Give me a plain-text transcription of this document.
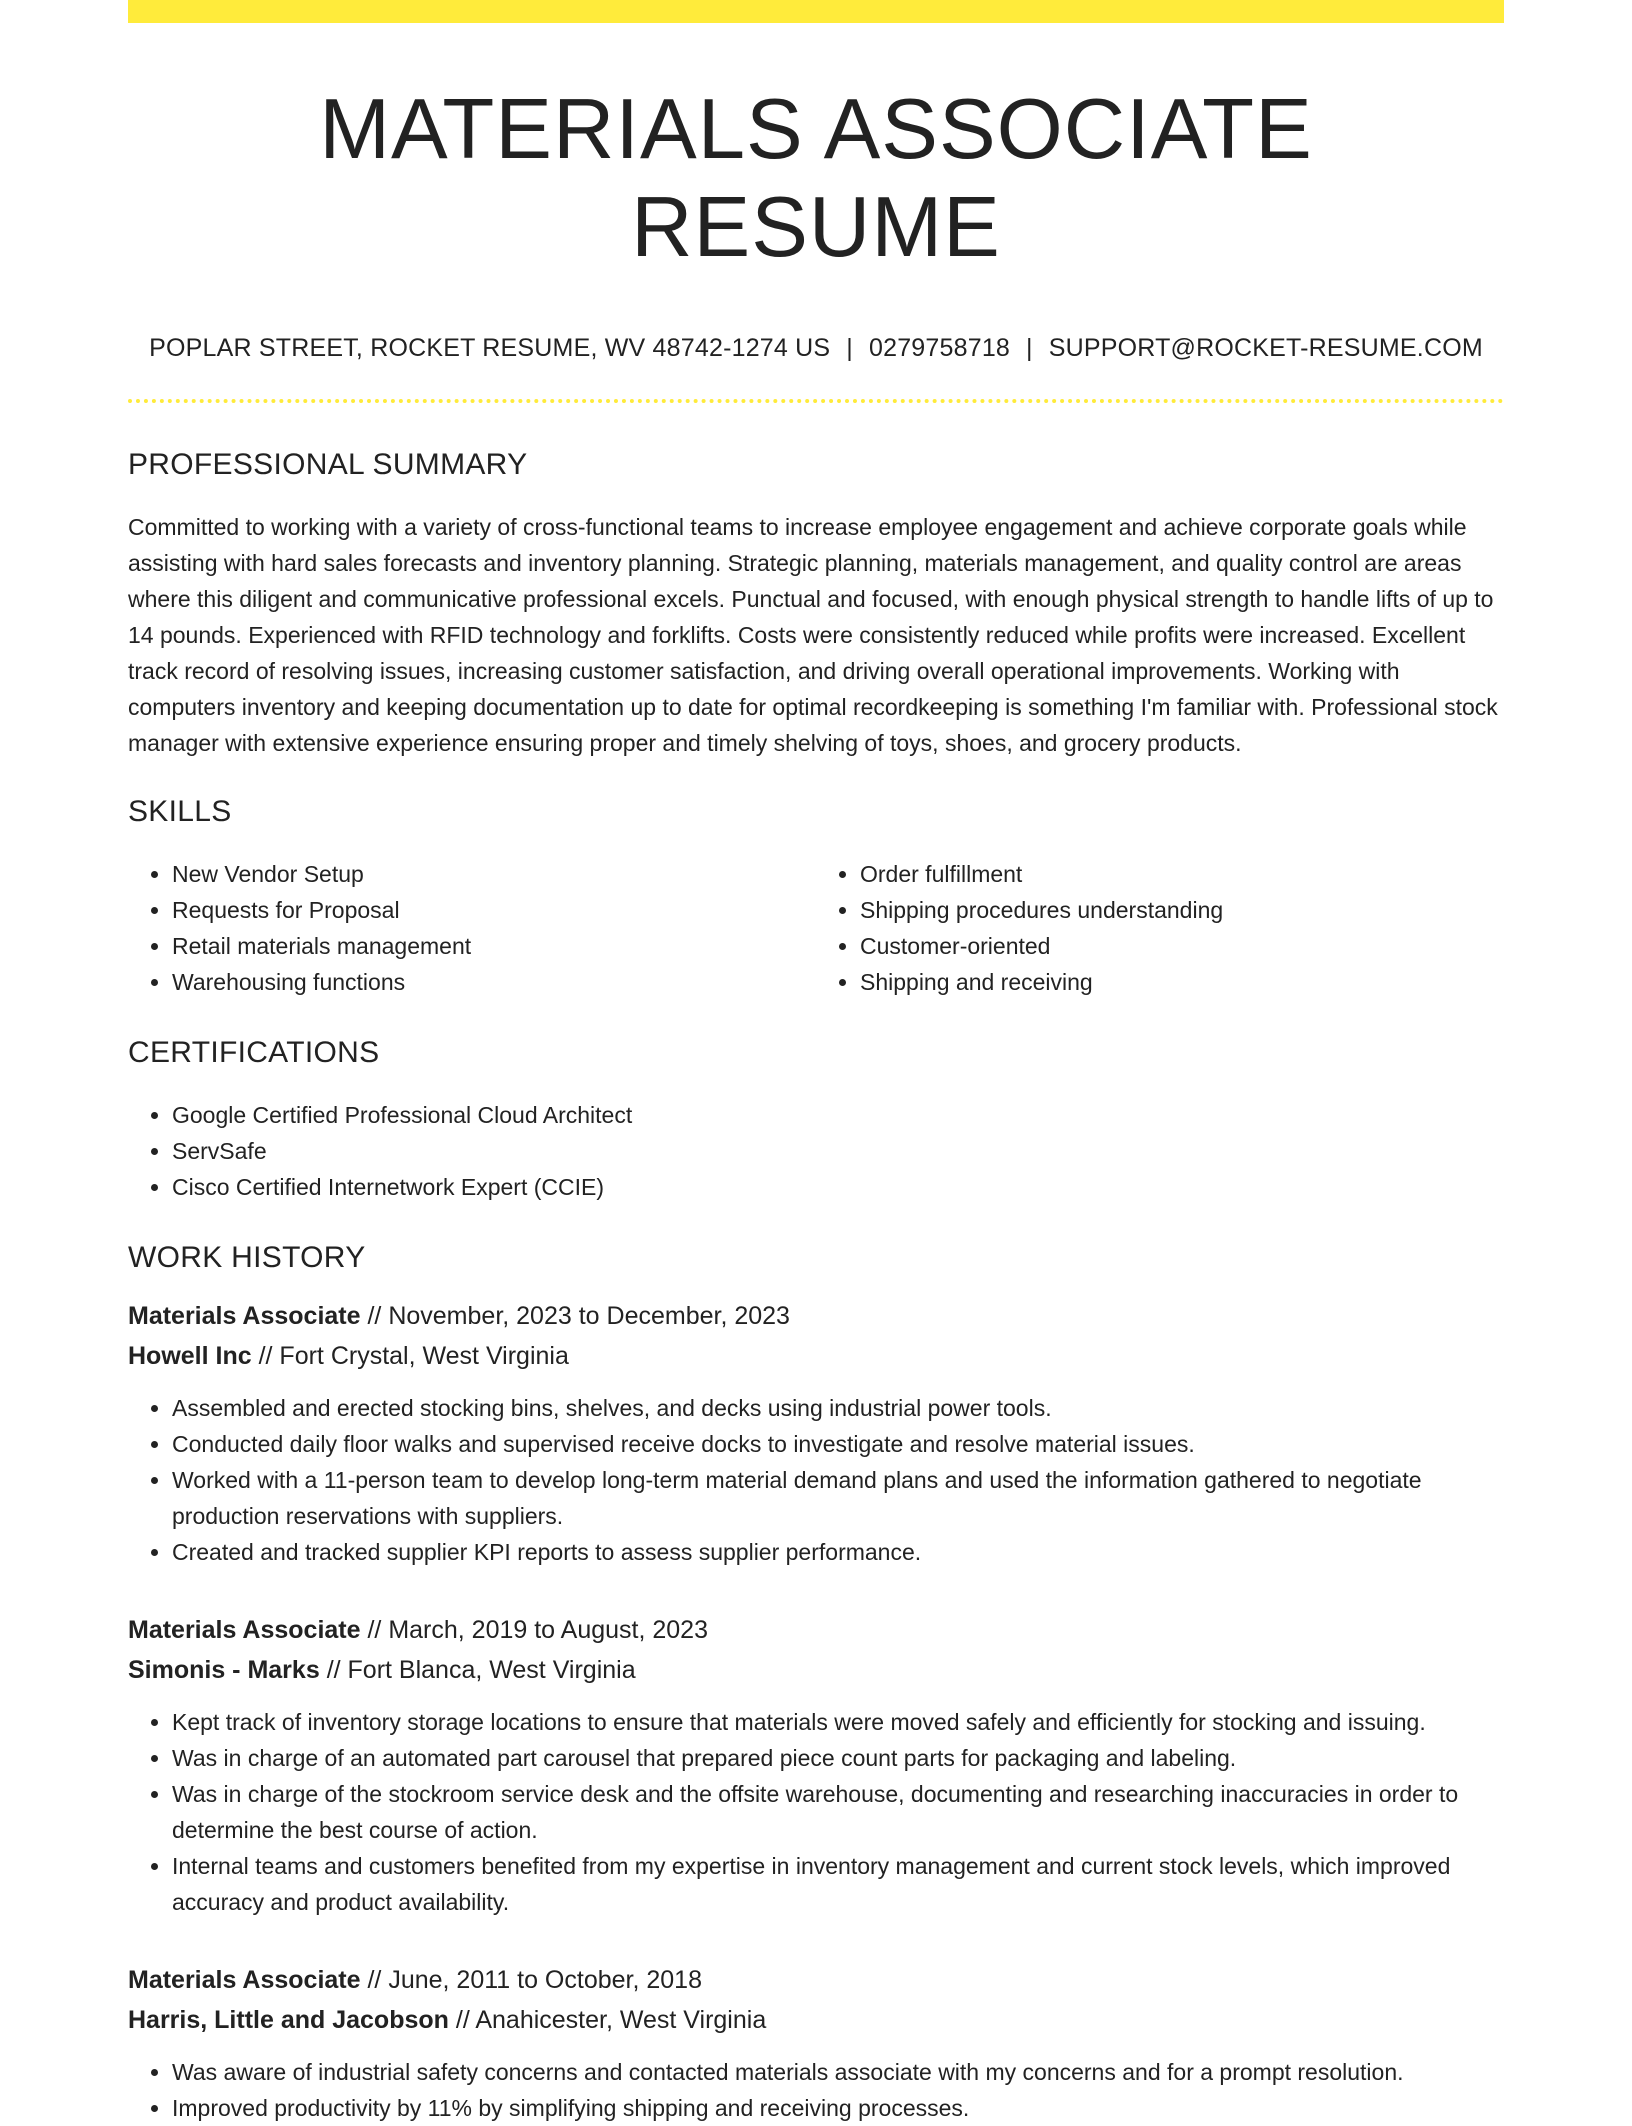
MATERIALS ASSOCIATE RESUME
POPLAR STREET, ROCKET RESUME, WV 48742-1274 US | 0279758718 | SUPPORT@ROCKET-RESUME.COM
PROFESSIONAL SUMMARY
Committed to working with a variety of cross-functional teams to increase employee engagement and achieve corporate goals while assisting with hard sales forecasts and inventory planning. Strategic planning, materials management, and quality control are areas where this diligent and communicative professional excels. Punctual and focused, with enough physical strength to handle lifts of up to 14 pounds. Experienced with RFID technology and forklifts. Costs were consistently reduced while profits were increased. Excellent track record of resolving issues, increasing customer satisfaction, and driving overall operational improvements. Working with computers inventory and keeping documentation up to date for optimal recordkeeping is something I'm familiar with. Professional stock manager with extensive experience ensuring proper and timely shelving of toys, shoes, and grocery products.
SKILLS
• New Vendor Setup
• Requests for Proposal
• Retail materials management
• Warehousing functions
• Order fulfillment
• Shipping procedures understanding
• Customer-oriented
• Shipping and receiving
CERTIFICATIONS
• Google Certified Professional Cloud Architect
• ServSafe
• Cisco Certified Internetwork Expert (CCIE)
WORK HISTORY
Materials Associate // November, 2023 to December, 2023
Howell Inc // Fort Crystal, West Virginia
• Assembled and erected stocking bins, shelves, and decks using industrial power tools.
• Conducted daily floor walks and supervised receive docks to investigate and resolve material issues.
• Worked with a 11-person team to develop long-term material demand plans and used the information gathered to negotiate production reservations with suppliers.
• Created and tracked supplier KPI reports to assess supplier performance.
Materials Associate // March, 2019 to August, 2023
Simonis - Marks // Fort Blanca, West Virginia
• Kept track of inventory storage locations to ensure that materials were moved safely and efficiently for stocking and issuing.
• Was in charge of an automated part carousel that prepared piece count parts for packaging and labeling.
• Was in charge of the stockroom service desk and the offsite warehouse, documenting and researching inaccuracies in order to determine the best course of action.
• Internal teams and customers benefited from my expertise in inventory management and current stock levels, which improved accuracy and product availability.
Materials Associate // June, 2011 to October, 2018
Harris, Little and Jacobson // Anahicester, West Virginia
• Was aware of industrial safety concerns and contacted materials associate with my concerns and for a prompt resolution.
• Improved productivity by 11% by simplifying shipping and receiving processes.
